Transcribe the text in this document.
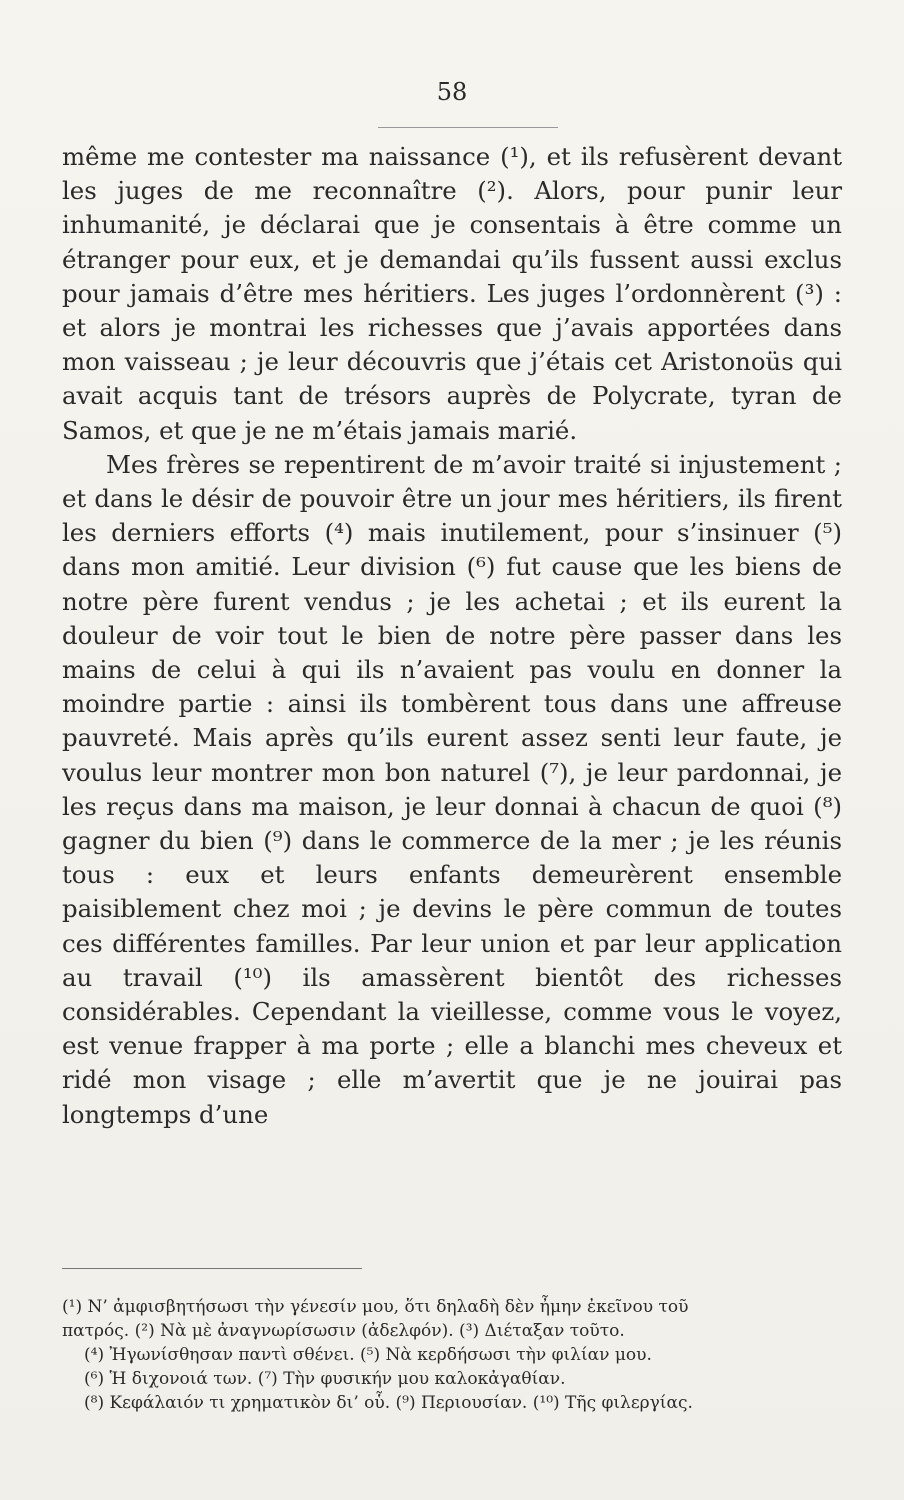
58

même me contester ma naissance (¹), et ils refusèrent devant les juges de me reconnaître (²). Alors, pour punir leur inhumanité, je déclarai que je consentais à être comme un étranger pour eux, et je demandai qu’ils fussent aussi exclus pour jamais d’être mes héritiers. Les juges l’ordonnèrent (³) : et alors je montrai les richesses que j’avais apportées dans mon vaisseau ; je leur découvris que j’étais cet Aristonoüs qui avait acquis tant de trésors auprès de Polycrate, tyran de Samos, et que je ne m’étais jamais marié.

Mes frères se repentirent de m’avoir traité si injustement ; et dans le désir de pouvoir être un jour mes héritiers, ils firent les derniers efforts (⁴) mais inutilement, pour s’insinuer (⁵) dans mon amitié. Leur division (⁶) fut cause que les biens de notre père furent vendus ; je les achetai ; et ils eurent la douleur de voir tout le bien de notre père passer dans les mains de celui à qui ils n’avaient pas voulu en donner la moindre partie : ainsi ils tombèrent tous dans une affreuse pauvreté. Mais après qu’ils eurent assez senti leur faute, je voulus leur montrer mon bon naturel (⁷), je leur pardonnai, je les reçus dans ma maison, je leur donnai à chacun de quoi (⁸) gagner du bien (⁹) dans le commerce de la mer ; je les réunis tous : eux et leurs enfants demeurèrent ensemble paisiblement chez moi ; je devins le père commun de toutes ces différentes familles. Par leur union et par leur application au travail (¹⁰) ils amassèrent bientôt des richesses considérables. Cependant la vieillesse, comme vous le voyez, est venue frapper à ma porte ; elle a blanchi mes cheveux et ridé mon visage ; elle m’avertit que je ne jouirai pas longtemps d’une

(¹) Ν’ ἀμφισβητήσωσι τὴν γένεσίν μου, ὅτι δηλαδὴ δὲν ἦμην ἐκεῖνου τοῦ

πατρός. (²) Νὰ μὲ ἀναγνωρίσωσιν (ἀδελφόν). (³) Διέταξαν τοῦτο.

(⁴) Ἠγωνίσθησαν παντὶ σθένει. (⁵) Νὰ κερδήσωσι τὴν φιλίαν μου.

(⁶) Ἡ διχονοιά των. (⁷) Τὴν φυσικήν μου καλοκἀγαθίαν.

(⁸) Κεφάλαιόν τι χρηματικὸν δι’ οὗ. (⁹) Περιουσίαν. (¹⁰) Τῆς φιλεργίας.
